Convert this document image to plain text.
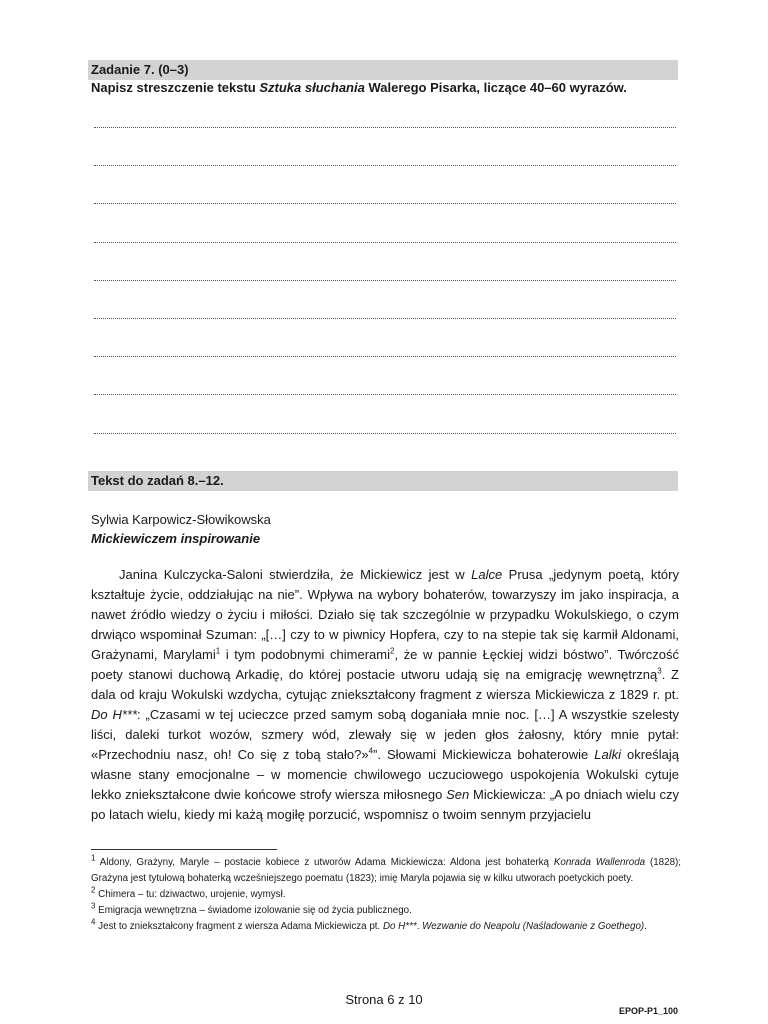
Zadanie 7. (0–3)
Napisz streszczenie tekstu Sztuka słuchania Walerego Pisarka, liczące 40–60 wyrazów.
Tekst do zadań 8.–12.
Sylwia Karpowicz-Słowikowska
Mickiewiczem inspirowanie

Janina Kulczycka-Saloni stwierdziła, że Mickiewicz jest w Lalce Prusa „jedynym poetą, który kształtuje życie, oddziałując na nie”. Wpływa na wybory bohaterów, towarzyszy im jako inspiracja, a nawet źródło wiedzy o życiu i miłości. Działo się tak szczególnie w przypadku Wokulskiego, o czym drwiąco wspominał Szuman: „[…] czy to w piwnicy Hopfera, czy to na stepie tak się karmił Aldonami, Grażynami, Marylami$^1$ i tym podobnymi chimerami$^2$, że w pannie Łęckiej widzi bóstwo”. Twórczość poety stanowi duchową Arkadię, do której postacie utworu udają się na emigrację wewnętrzną$^3$. Z dala od kraju Wokulski wzdycha, cytując zniekształcony fragment z wiersza Mickiewicza z 1829 r. pt. Do H***: „Czasami w tej ucieczce przed samym sobą doganiała mnie noc. […] A wszystkie szelesty liści, daleki turkot wozów, szmery wód, zlewały się w jeden głos żałosny, który mnie pytał: «Przechodniu nasz, oh! Co się z tobą stało?»$^4$”. Słowami Mickiewicza bohaterowie Lalki określają własne stany emocjonalne – w momencie chwilowego uczuciowego uspokojenia Wokulski cytuje lekko zniekształcone dwie końcowe strofy wiersza miłosnego Sen Mickiewicza: „A po dniach wielu czy po latach wielu, kiedy mi każą mogiłę porzucić, wspomnisz o twoim sennym przyjacielu

$^1$ Aldony, Grażyny, Maryle – postacie kobiece z utworów Adama Mickiewicza: Aldona jest bohaterką Konrada Wallenroda (1828); Grażyna jest tytułową bohaterką wcześniejszego poematu (1823); imię Maryla pojawia się w kilku utworach poetyckich poety.
$^2$ Chimera – tu: dziwactwo, urojenie, wymysł.
$^3$ Emigracja wewnętrzna – świadome izolowanie się od życia publicznego.
$^4$ Jest to zniekształcony fragment z wiersza Adama Mickiewicza pt. Do H***. Wezwanie do Neapolu (Naśladowanie z Goethego).
Strona 6 z 10
EPOP-P1_100
